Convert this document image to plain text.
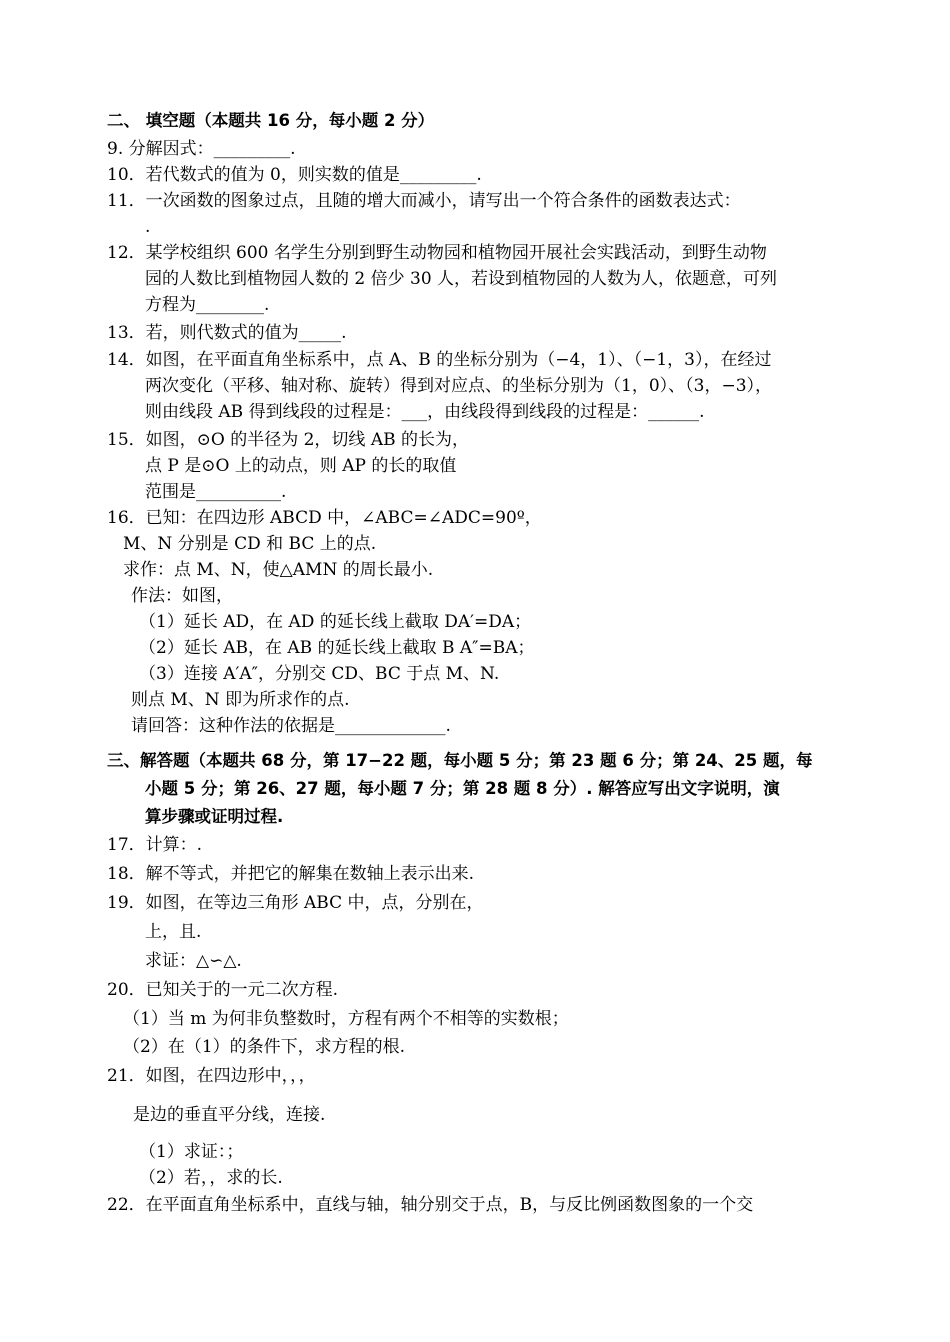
二、 填空题（本题共 16 分，每小题 2 分）
9. 分解因式：_________.
10．若代数式的值为 0，则实数的值是_________.
11．一次函数的图象过点，且随的增大而减小，请写出一个符合条件的函数表达式：
.
12．某学校组织 600 名学生分别到野生动物园和植物园开展社会实践活动，到野生动物
园的人数比到植物园人数的 2 倍少 30 人，若设到植物园的人数为人，依题意，可列
方程为________.
13．若，则代数式的值为_____.
14．如图，在平面直角坐标系中，点 A、B 的坐标分别为（−4，1）、（−1，3），在经过
两次变化（平移、轴对称、旋转）得到对应点、的坐标分别为（1，0）、（3，−3），
则由线段 AB 得到线段的过程是：___，由线段得到线段的过程是：______.
15．如图，⊙O 的半径为 2，切线 AB 的长为，
点 P 是⊙O 上的动点，则 AP 的长的取值
范围是__________.
16．已知：在四边形 ABCD 中，∠ABC=∠ADC=90º，
M、N 分别是 CD 和 BC 上的点.
求作：点 M、N，使△AMN 的周长最小.
作法：如图，
（1）延长 AD，在 AD 的延长线上截取 DA′=DA；
（2）延长 AB，在 AB 的延长线上截取 B A″=BA；
（3）连接 A′A″，分别交 CD、BC 于点 M、N.
则点 M、N 即为所求作的点.
请回答：这种作法的依据是_____________.
三、解答题（本题共 68 分，第 17−22 题，每小题 5 分；第 23 题 6 分；第 24、25 题，每
小题 5 分；第 26、27 题，每小题 7 分；第 28 题 8 分）. 解答应写出文字说明，演
算步骤或证明过程.
17．计算：.
18．解不等式，并把它的解集在数轴上表示出来.
19．如图，在等边三角形 ABC 中，点，分别在，
上，且.
求证：△∽△.
20．已知关于的一元二次方程.
（1）当 m 为何非负整数时，方程有两个不相等的实数根；
（2）在（1）的条件下，求方程的根.
21．如图，在四边形中，，，
是边的垂直平分线，连接.
（1）求证：；
（2）若，，求的长.
22．在平面直角坐标系中，直线与轴，轴分别交于点，B，与反比例函数图象的一个交
